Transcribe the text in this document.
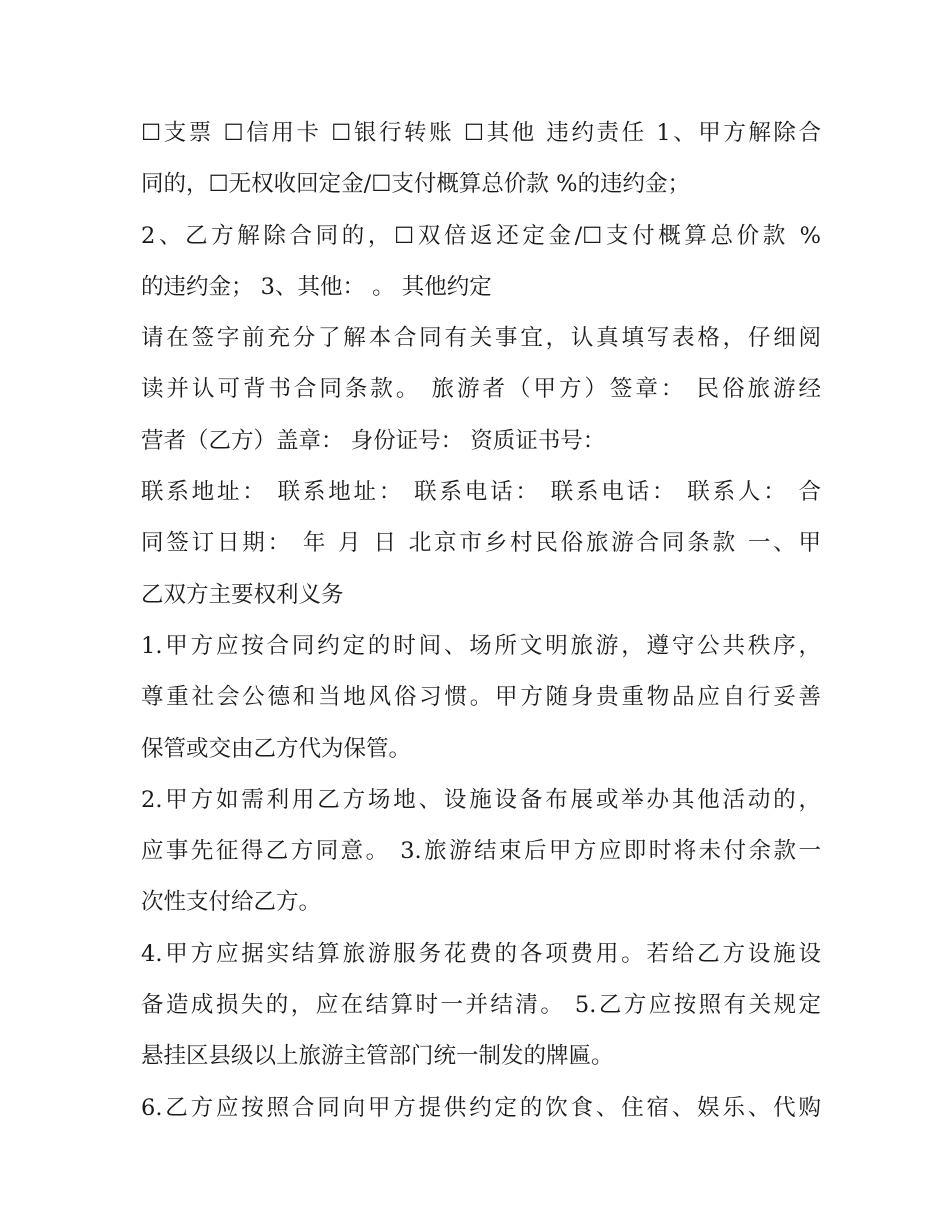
☐支票 ☐信用卡 ☐银行转账 ☐其他 违约责任 1、甲方解除合
同的，☐无权收回定金/☐支付概算总价款 %的违约金；
2、乙方解除合同的，☐双倍返还定金/☐支付概算总价款 %
的违约金； 3、其他： 。 其他约定
请在签字前充分了解本合同有关事宜，认真填写表格，仔细阅
读并认可背书合同条款。 旅游者（甲方）签章： 民俗旅游经
营者（乙方）盖章： 身份证号： 资质证书号：
联系地址： 联系地址： 联系电话： 联系电话： 联系人： 合
同签订日期： 年 月 日 北京市乡村民俗旅游合同条款 一、甲
乙双方主要权利义务
1.甲方应按合同约定的时间、场所文明旅游，遵守公共秩序，
尊重社会公德和当地风俗习惯。甲方随身贵重物品应自行妥善
保管或交由乙方代为保管。
2.甲方如需利用乙方场地、设施设备布展或举办其他活动的，
应事先征得乙方同意。 3.旅游结束后甲方应即时将未付余款一
次性支付给乙方。
4.甲方应据实结算旅游服务花费的各项费用。若给乙方设施设
备造成损失的，应在结算时一并结清。 5.乙方应按照有关规定
悬挂区县级以上旅游主管部门统一制发的牌匾。
6.乙方应按照合同向甲方提供约定的饮食、住宿、娱乐、代购
